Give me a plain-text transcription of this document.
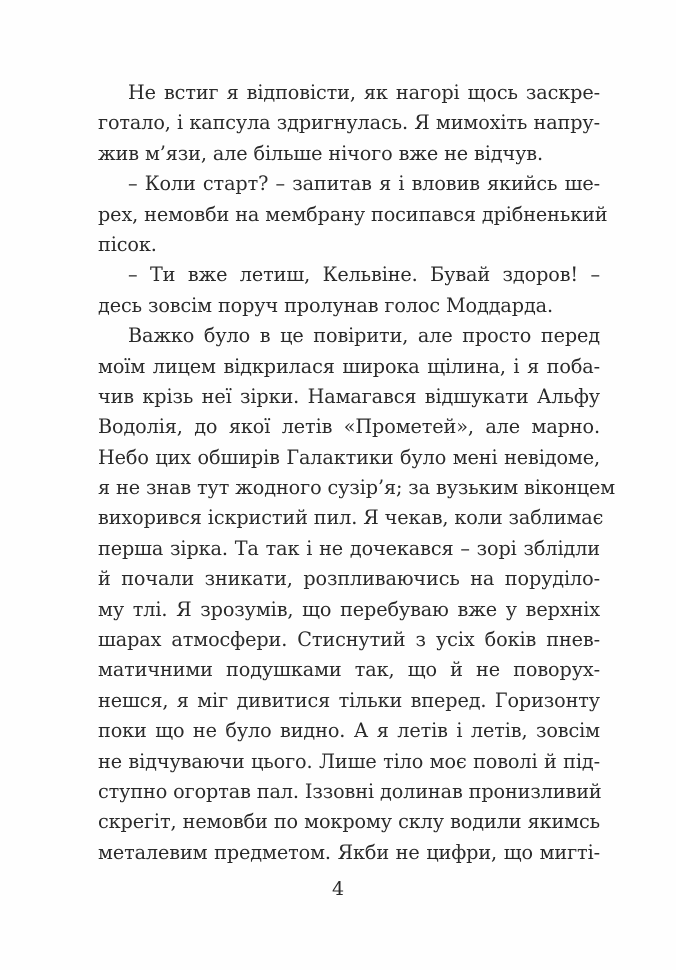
Не встиг я відповісти, як нагорі щось заскре-
готало, і капсула здригнулась. Я мимохіть напру-
жив м’язи, але більше нічого вже не відчув.
– Коли старт? – запитав я і вловив якийсь ше-
рех, немовби на мембрану посипався дрібненький
пісок.
– Ти вже летиш, Кельвіне. Бувай здоров! –
десь зовсім поруч пролунав голос Моддарда.
Важко було в це повірити, але просто перед
моїм лицем відкрилася широка щілина, і я поба-
чив крізь неї зірки. Намагався відшукати Альфу
Водолія, до якої летів «Прометей», але марно.
Небо цих обширів Галактики було мені невідоме,
я не знав тут жодного сузір’я; за вузьким віконцем
вихорився іскристий пил. Я чекав, коли заблимає
перша зірка. Та так і не дочекався – зорі зблідли
й почали зникати, розпливаючись на поруділо-
му тлі. Я зрозумів, що перебуваю вже у верхніх
шарах атмосфери. Стиснутий з усіх боків пнев-
матичними подушками так, що й не поворух-
нешся, я міг дивитися тільки вперед. Горизонту
поки що не було видно. А я летів і летів, зовсім
не відчуваючи цього. Лише тіло моє поволі й під-
ступно огортав пал. Іззовні долинав пронизливий
скрегіт, немовби по мокрому склу водили якимсь
металевим предметом. Якби не цифри, що мигті-
4
